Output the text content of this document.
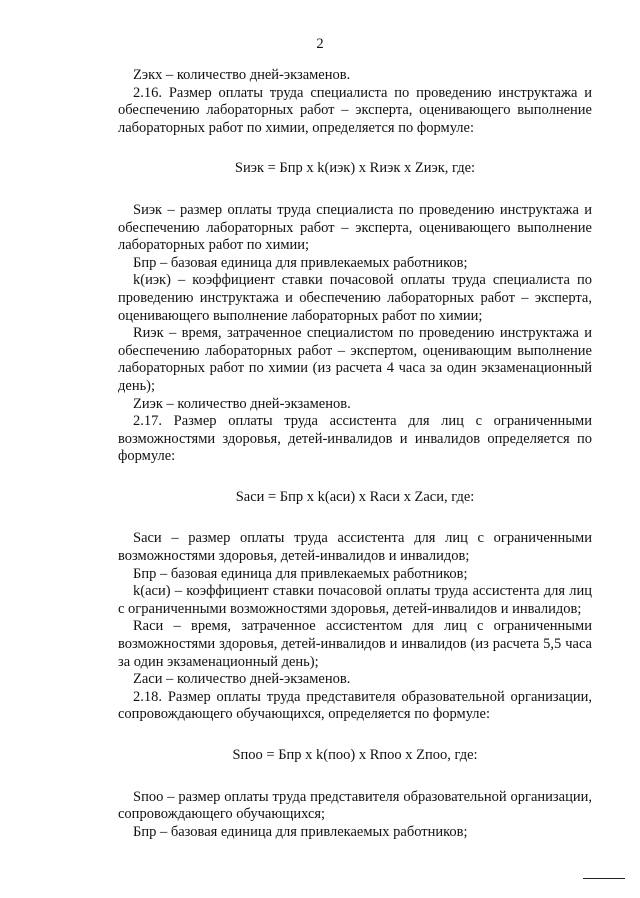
2

Zэкх – количество дней-экзаменов.

2.16. Размер оплаты труда специалиста по проведению инструктажа и обеспечению лабораторных работ – эксперта, оценивающего выполнение лабораторных работ по химии, определяется по формуле:

Sиэк = Бпр х k(иэк) х Rиэк х Zиэк, где:

Sиэк – размер оплаты труда специалиста по проведению инструктажа и обеспечению лабораторных работ – эксперта, оценивающего выполнение лабораторных работ по химии;

Бпр – базовая единица для привлекаемых работников;

k(иэк) – коэффициент ставки почасовой оплаты труда специалиста по проведению инструктажа и обеспечению лабораторных работ – эксперта, оценивающего выполнение лабораторных работ по химии;

Rиэк – время, затраченное специалистом по проведению инструктажа и обеспечению лабораторных работ – экспертом, оценивающим выполнение лабораторных работ по химии (из расчета 4 часа за один экзаменационный день);

Zиэк – количество дней-экзаменов.

2.17. Размер оплаты труда ассистента для лиц с ограниченными возможностями здоровья, детей-инвалидов и инвалидов определяется по формуле:

Sаси = Бпр х k(аси) х Rаси х Zаси, где:

Sаси – размер оплаты труда ассистента для лиц с ограниченными возможностями здоровья, детей-инвалидов и инвалидов;

Бпр – базовая единица для привлекаемых работников;

k(аси) – коэффициент ставки почасовой оплаты труда ассистента для лиц с ограниченными возможностями здоровья, детей-инвалидов и инвалидов;

Rаси – время, затраченное ассистентом для лиц с ограниченными возможностями здоровья, детей-инвалидов и инвалидов (из расчета 5,5 часа за один экзаменационный день);

Zаси – количество дней-экзаменов.

2.18. Размер оплаты труда представителя образовательной организации, сопровождающего обучающихся, определяется по формуле:

Sпоо = Бпр х k(поо) х Rпоо х Zпоо, где:

Sпоо – размер оплаты труда представителя образовательной организации, сопровождающего обучающихся;

Бпр – базовая единица для привлекаемых работников;
